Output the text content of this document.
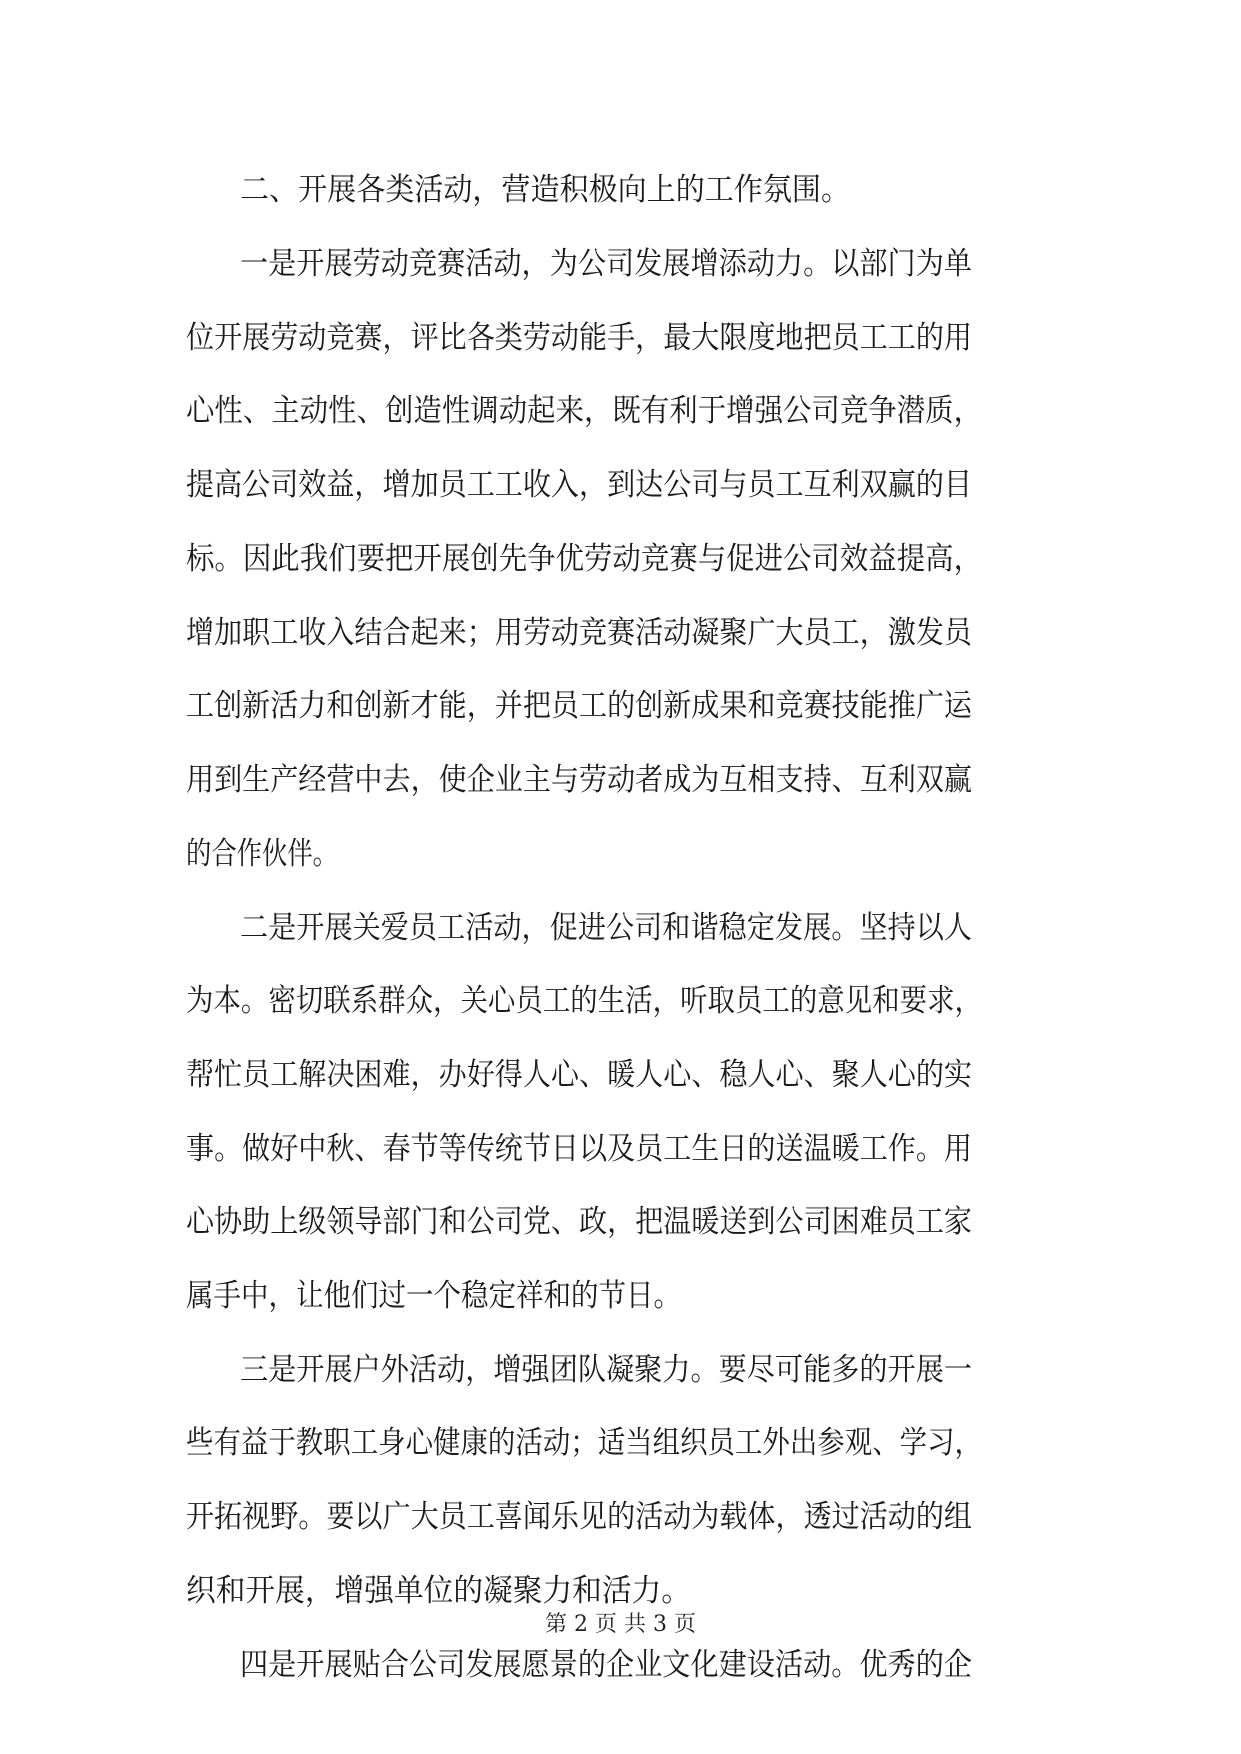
二、开展各类活动，营造积极向上的工作氛围。
一是开展劳动竞赛活动，为公司发展增添动力。以部门为单
位开展劳动竞赛，评比各类劳动能手，最大限度地把员工工的用
心性、主动性、创造性调动起来，既有利于增强公司竞争潜质，
提高公司效益，增加员工工收入，到达公司与员工互利双赢的目
标。因此我们要把开展创先争优劳动竞赛与促进公司效益提高，
增加职工收入结合起来；用劳动竞赛活动凝聚广大员工，激发员
工创新活力和创新才能，并把员工的创新成果和竞赛技能推广运
用到生产经营中去，使企业主与劳动者成为互相支持、互利双赢
的合作伙伴。
二是开展关爱员工活动，促进公司和谐稳定发展。坚持以人
为本。密切联系群众，关心员工的生活，听取员工的意见和要求，
帮忙员工解决困难，办好得人心、暖人心、稳人心、聚人心的实
事。做好中秋、春节等传统节日以及员工生日的送温暖工作。用
心协助上级领导部门和公司党、政，把温暖送到公司困难员工家
属手中，让他们过一个稳定祥和的节日。
三是开展户外活动，增强团队凝聚力。要尽可能多的开展一
些有益于教职工身心健康的活动；适当组织员工外出参观、学习，
开拓视野。要以广大员工喜闻乐见的活动为载体，透过活动的组
织和开展，增强单位的凝聚力和活力。
四是开展贴合公司发展愿景的企业文化建设活动。优秀的企
第 2 页 共 3 页
